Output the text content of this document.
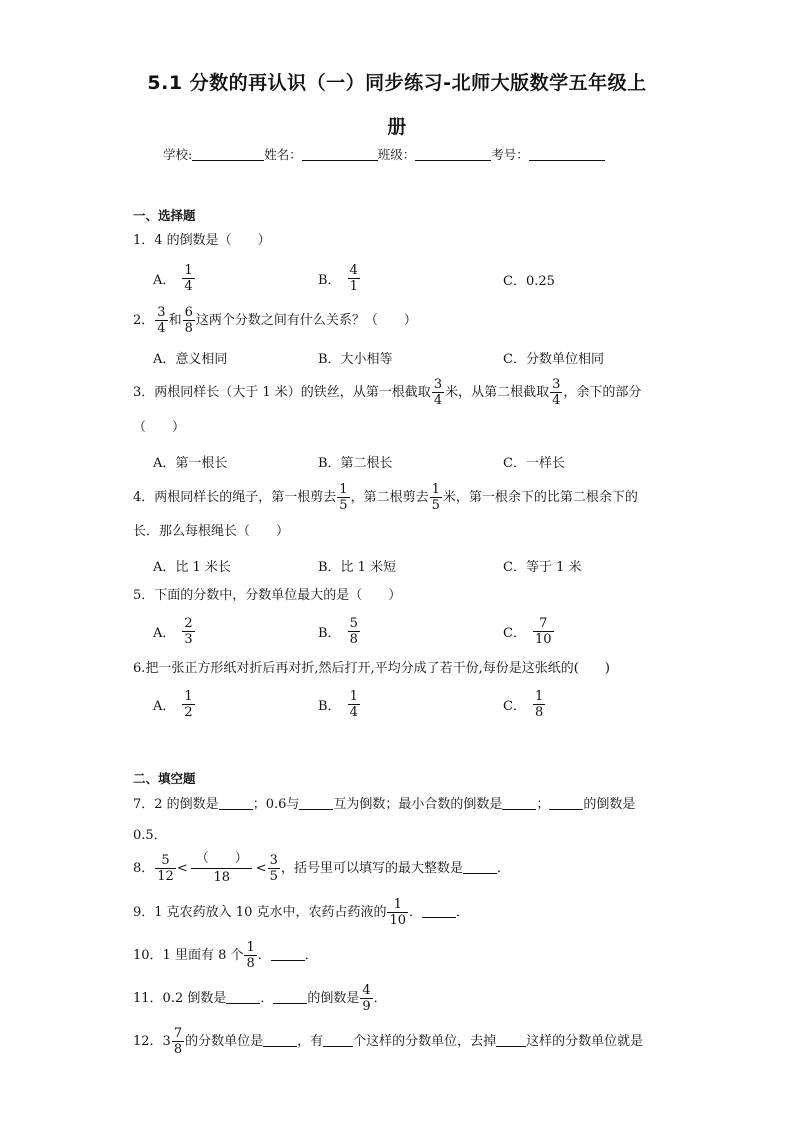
5.1 分数的再认识（一）同步练习-北师大版数学五年级上
册
学校:	姓名：	班级：	考号：
一、选择题
1．4 的倒数是（　　）
A． $\frac{1}{4}$	B． $\frac{4}{1}$	C．0.25
2． $\frac{3}{4}$ 和 $\frac{6}{8}$ 这两个分数之间有什么关系？（　　）
A．意义相同	B．大小相等	C．分数单位相同
3．两根同样长（大于 1 米）的铁丝，从第一根截取 $\frac{3}{4}$ 米，从第二根截取 $\frac{3}{4}$ ，余下的部分
（　　）
A．第一根长	B．第二根长	C．一样长
4．两根同样长的绳子，第一根剪去 $\frac{1}{5}$ ，第二根剪去 $\frac{1}{5}$ 米，第一根余下的比第二根余下的
长．那么每根绳长（　　）
A．比 1 米长	B．比 1 米短	C．等于 1 米
5．下面的分数中，分数单位最大的是（　　）
A． $\frac{2}{3}$	B． $\frac{5}{8}$	C． $\frac{7}{10}$
6.把一张正方形纸对折后再对折,然后打开,平均分成了若干份,每份是这张纸的(　　)
A． $\frac{1}{2}$	B． $\frac{1}{4}$	C． $\frac{1}{8}$
二、填空题
7．2 的倒数是	；0.6与	互为倒数；最小合数的倒数是	；	的倒数是
0.5．
8． $\frac{5}{12}$ <
（　　）
18
< $\frac{3}{5}$ ，括号里可以填写的最大整数是	．
9．1 克农药放入 10 克水中，农药占药液的 $\frac{1}{10}$ ．	．
10．1 里面有 8 个 $\frac{1}{8}$ ．	．
11．0.2 倒数是	．	的倒数是 $\frac{4}{9}$ ．
12． $3 \frac{7}{8}$ 的分数单位是	，有 个这样的分数单位，去掉 这样的分数单位就是
